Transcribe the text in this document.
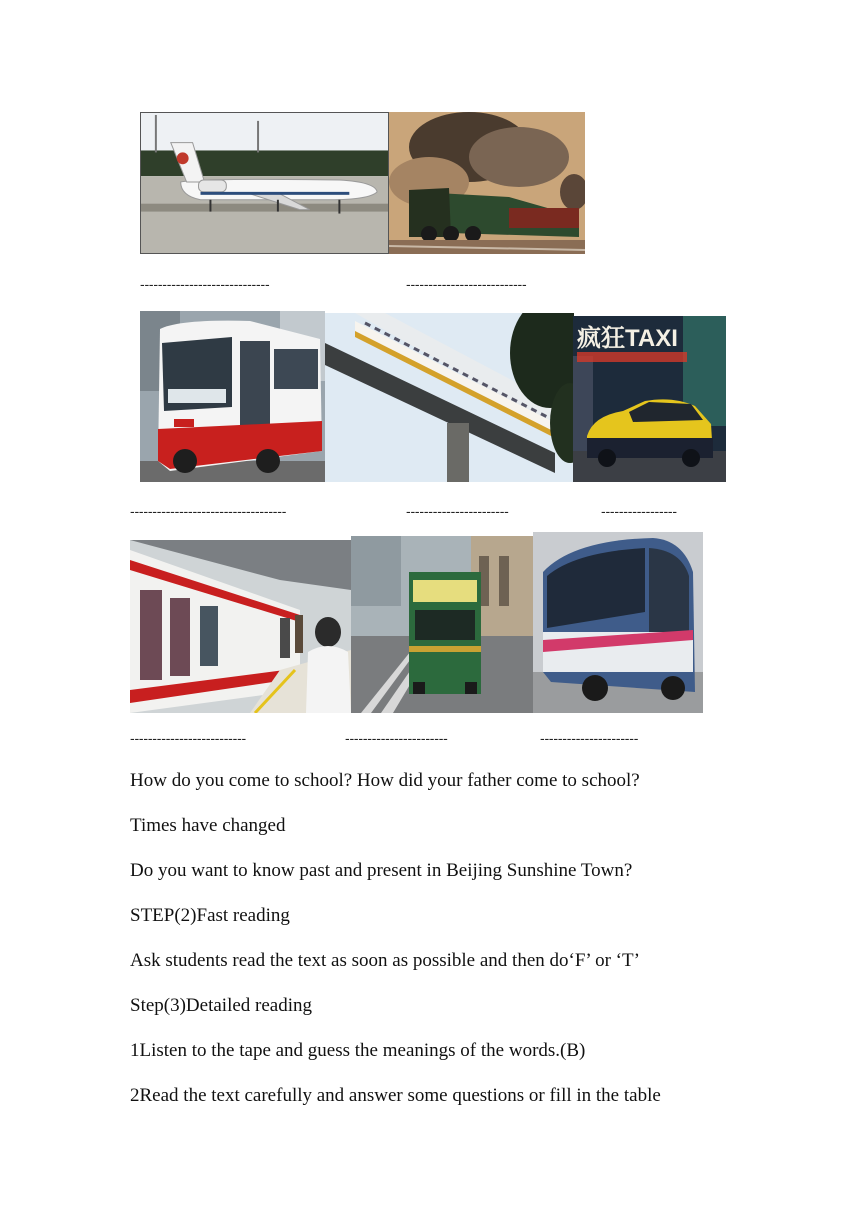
-----------------------------	---------------------------
疯狂TAXI
-----------------------------------	-----------------------	-----------------
--------------------------	-----------------------	----------------------
How do you come to school? How did your father come to school?
Times have changed
Do you want to know past and present in Beijing Sunshine Town?
STEP(2)Fast reading
Ask students read the text as soon as possible and then do‘F’ or ‘T’
Step(3)Detailed reading
1Listen to the tape and guess the meanings of the words.(B)
2Read the text carefully and answer some questions or fill in the table
